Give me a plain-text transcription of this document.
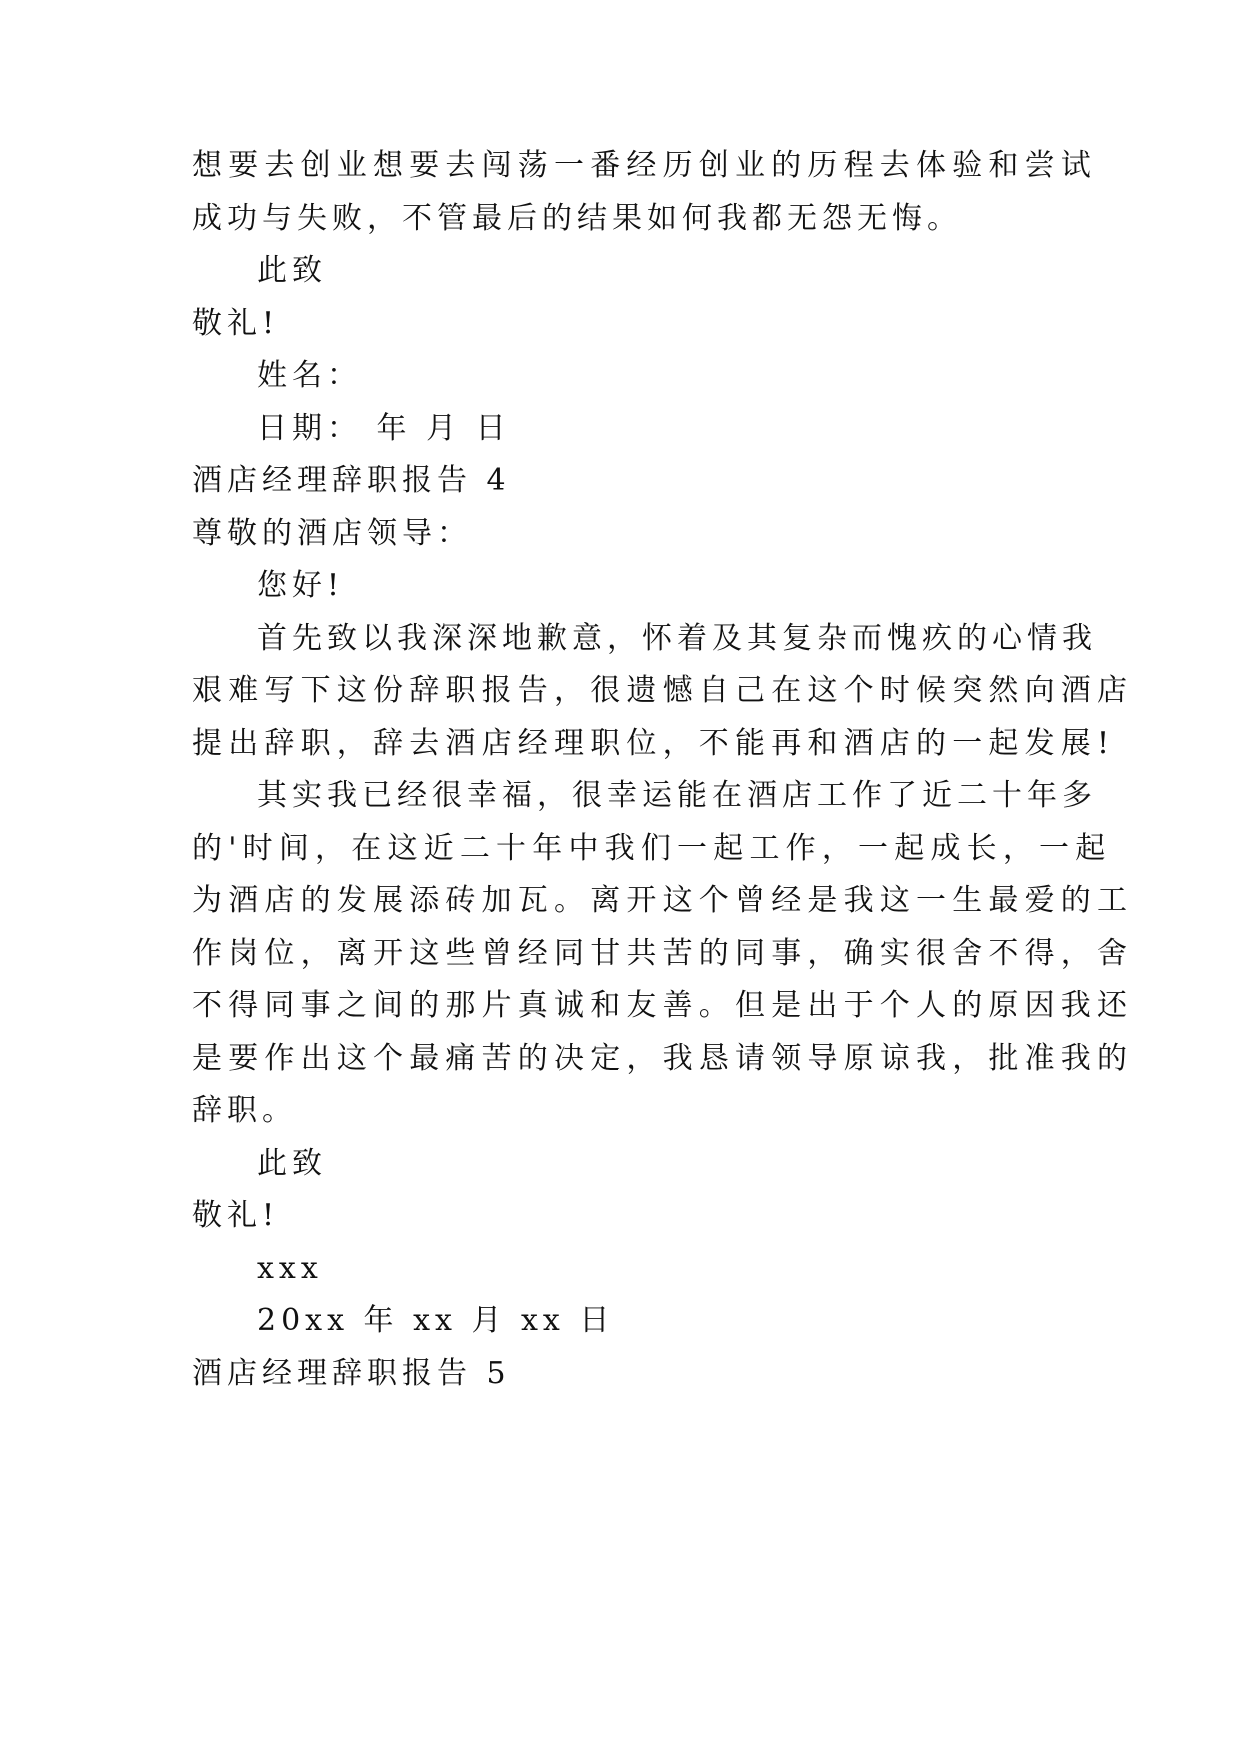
想要去创业想要去闯荡一番经历创业的历程去体验和尝试
成功与失败，不管最后的结果如何我都无怨无悔。
此致
敬礼!
姓名：
日期： 年 月 日
酒店经理辞职报告 4
尊敬的酒店领导：
您好!
首先致以我深深地歉意，怀着及其复杂而愧疚的心情我
艰难写下这份辞职报告，很遗憾自己在这个时候突然向酒店
提出辞职，辞去酒店经理职位，不能再和酒店的一起发展!
其实我已经很幸福，很幸运能在酒店工作了近二十年多
的'时间，在这近二十年中我们一起工作，一起成长，一起
为酒店的发展添砖加瓦。离开这个曾经是我这一生最爱的工
作岗位，离开这些曾经同甘共苦的同事，确实很舍不得，舍
不得同事之间的那片真诚和友善。但是出于个人的原因我还
是要作出这个最痛苦的决定，我恳请领导原谅我，批准我的
辞职。
此致
敬礼!
xxx
20xx 年 xx 月 xx 日
酒店经理辞职报告 5
